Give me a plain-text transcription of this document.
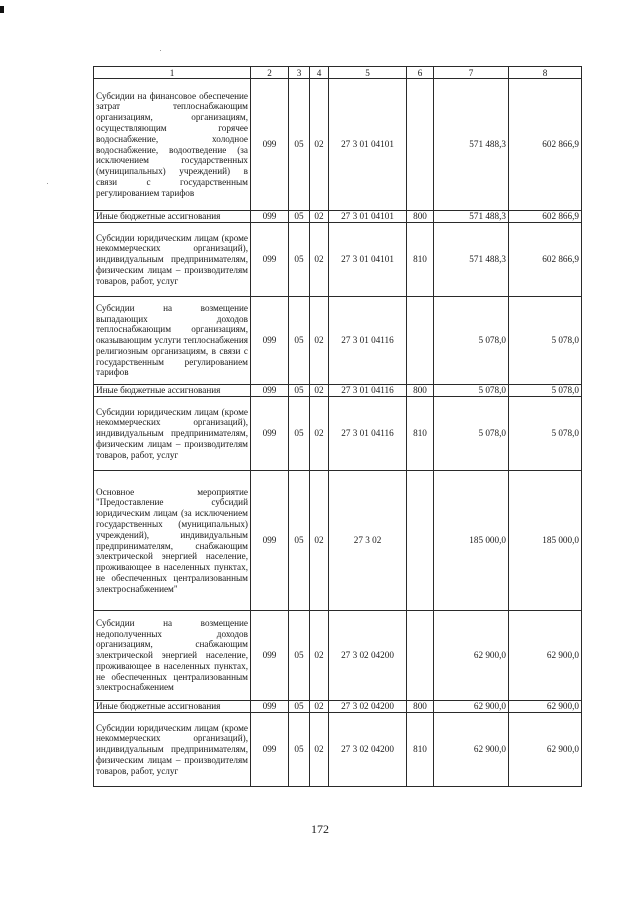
1	2	3	4	5	6	7	8
Субсидии на финансовое обеспечение затрат теплоснабжающим организациям, организациям, осуществляющим горячее водоснабжение, холодное водоснабжение, водоотведение (за исключением государственных (муниципальных) учреждений) в связи с государственным регулированием тарифов	099	05	02	27 3 01 04101		571 488,3	602 866,9
Иные бюджетные ассигнования	099	05	02	27 3 01 04101	800	571 488,3	602 866,9
Субсидии юридическим лицам (кроме некоммерческих организаций), индивидуальным предпринимателям, физическим лицам – производителям товаров, работ, услуг	099	05	02	27 3 01 04101	810	571 488,3	602 866,9
Субсидии на возмещение выпадающих доходов теплоснабжающим организациям, оказывающим услуги теплоснабжения религиозным организациям, в связи с государственным регулированием тарифов	099	05	02	27 3 01 04116		5 078,0	5 078,0
Иные бюджетные ассигнования	099	05	02	27 3 01 04116	800	5 078,0	5 078,0
Субсидии юридическим лицам (кроме некоммерческих организаций), индивидуальным предпринимателям, физическим лицам – производителям товаров, работ, услуг	099	05	02	27 3 01 04116	810	5 078,0	5 078,0
Основное мероприятие "Предоставление субсидий юридическим лицам (за исключением государственных (муниципальных) учреждений), индивидуальным предпринимателям, снабжающим электрической энергией население, проживающее в населенных пунктах, не обеспеченных централизованным электроснабжением"	099	05	02	27 3 02		185 000,0	185 000,0
Субсидии на возмещение недополученных доходов организациям, снабжающим электрической энергией население, проживающее в населенных пунктах, не обеспеченных централизованным электроснабжением	099	05	02	27 3 02 04200		62 900,0	62 900,0
Иные бюджетные ассигнования	099	05	02	27 3 02 04200	800	62 900,0	62 900,0
Субсидии юридическим лицам (кроме некоммерческих организаций), индивидуальным предпринимателям, физическим лицам – производителям товаров, работ, услуг	099	05	02	27 3 02 04200	810	62 900,0	62 900,0
172
